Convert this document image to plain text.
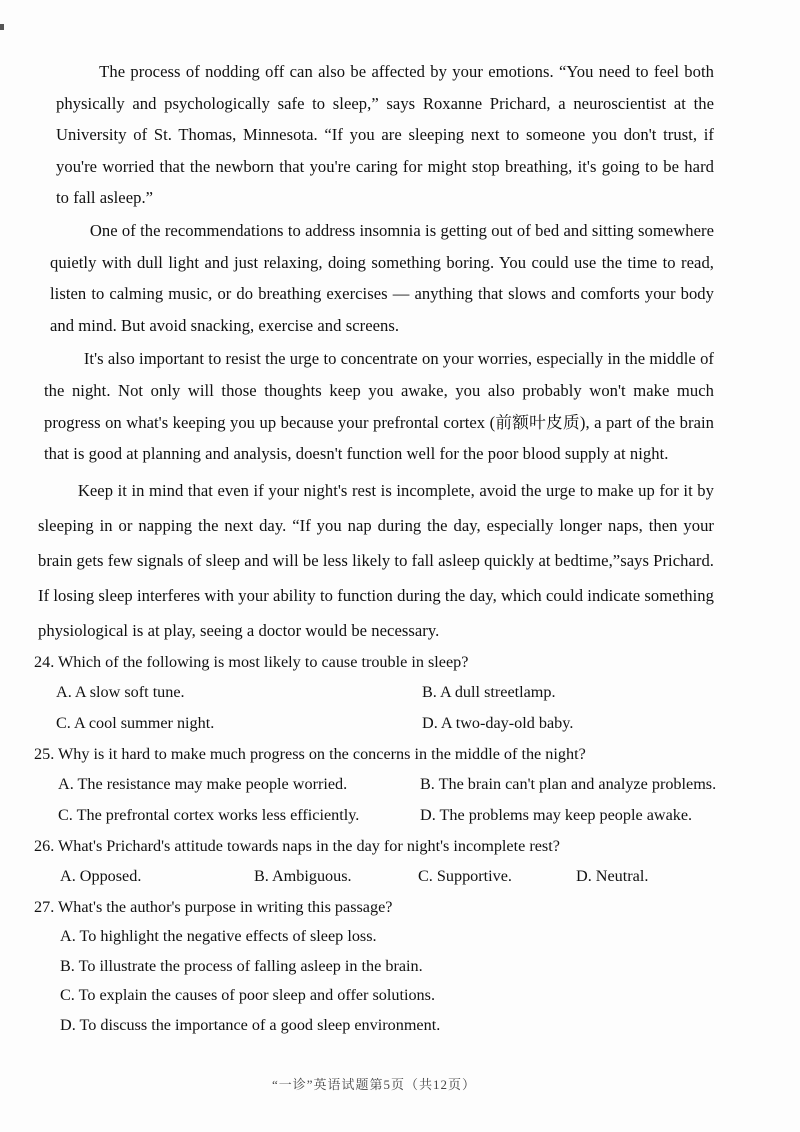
The process of nodding off can also be affected by your emotions. “You need to feel both physically and psychologically safe to sleep,” says Roxanne Prichard, a neuroscientist at the University of St. Thomas, Minnesota. “If you are sleeping next to someone you don't trust, if you're worried that the newborn that you're caring for might stop breathing, it's going to be hard to fall asleep.”

One of the recommendations to address insomnia is getting out of bed and sitting somewhere quietly with dull light and just relaxing, doing something boring. You could use the time to read, listen to calming music, or do breathing exercises — anything that slows and comforts your body and mind. But avoid snacking, exercise and screens.

It's also important to resist the urge to concentrate on your worries, especially in the middle of the night. Not only will those thoughts keep you awake, you also probably won't make much progress on what's keeping you up because your prefrontal cortex (前额叶皮质), a part of the brain that is good at planning and analysis, doesn't function well for the poor blood supply at night.

Keep it in mind that even if your night's rest is incomplete, avoid the urge to make up for it by sleeping in or napping the next day. “If you nap during the day, especially longer naps, then your brain gets few signals of sleep and will be less likely to fall asleep quickly at bedtime,”says Prichard. If losing sleep interferes with your ability to function during the day, which could indicate something physiological is at play, seeing a doctor would be necessary.

24. Which of the following is most likely to cause trouble in sleep?
A. A slow soft tune.	B. A dull streetlamp.
C. A cool summer night.	D. A two-day-old baby.
25. Why is it hard to make much progress on the concerns in the middle of the night?
A. The resistance may make people worried.	B. The brain can't plan and analyze problems.
C. The prefrontal cortex works less efficiently.	D. The problems may keep people awake.
26. What's Prichard's attitude towards naps in the day for night's incomplete rest?
A. Opposed.	B. Ambiguous.	C. Supportive.	D. Neutral.
27. What's the author's purpose in writing this passage?
A. To highlight the negative effects of sleep loss.
B. To illustrate the process of falling asleep in the brain.
C. To explain the causes of poor sleep and offer solutions.
D. To discuss the importance of a good sleep environment.
“一诊”英语试题第5页（共12页）
